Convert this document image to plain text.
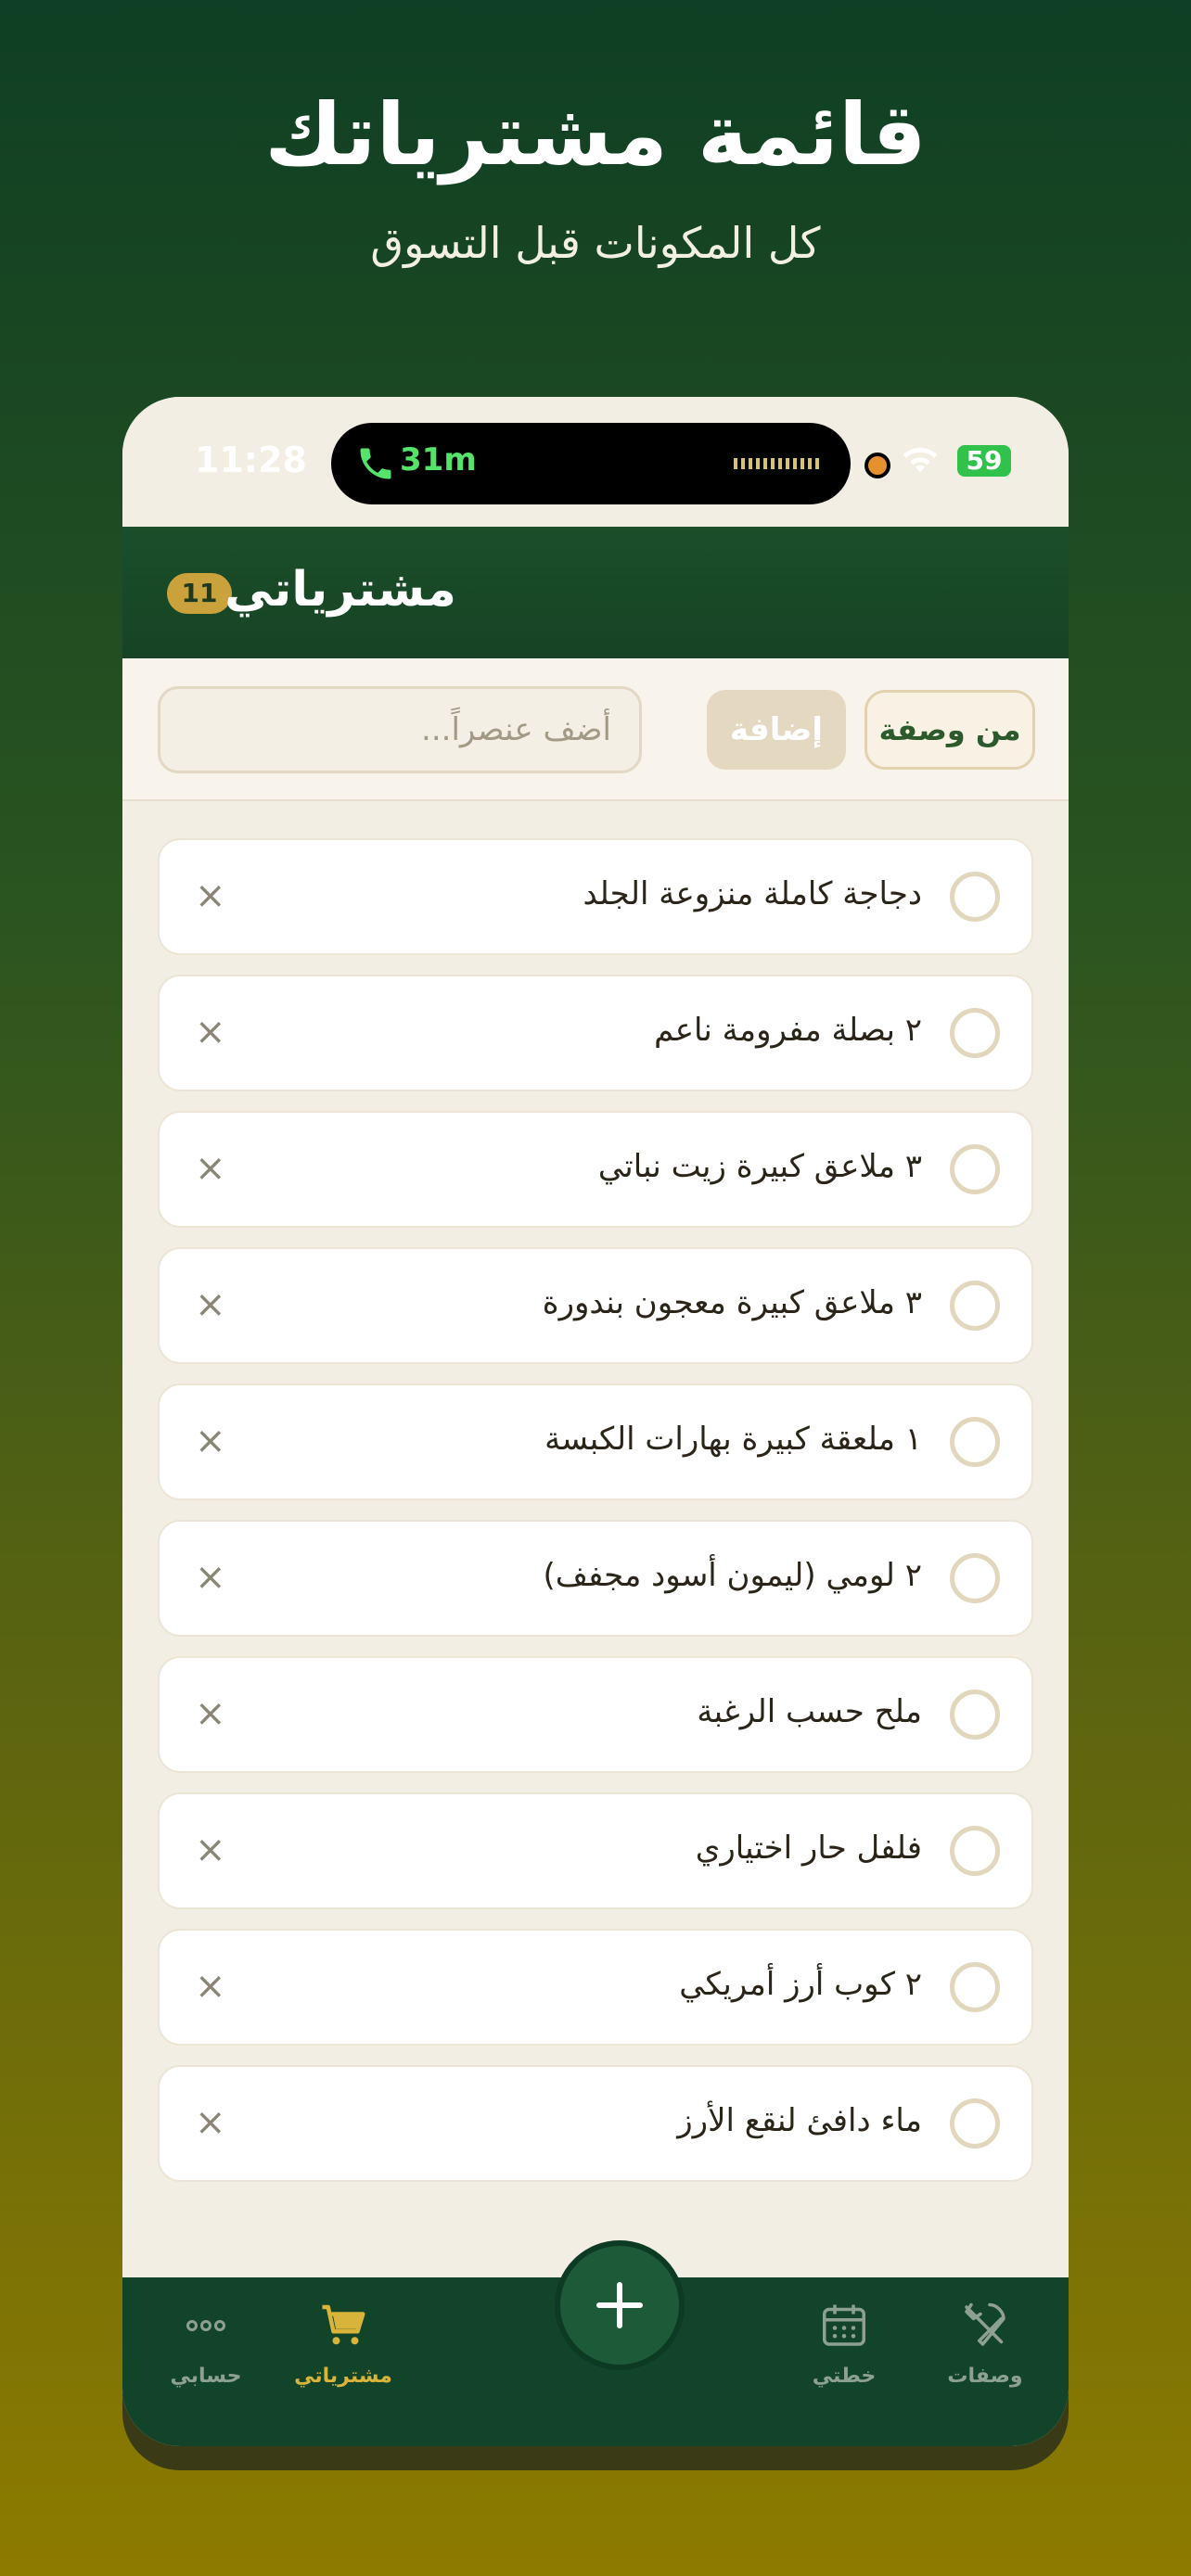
قائمة مشترياتك
كل المكونات قبل التسوق
11:28	31m	59
11 مشترياتي
أضف عنصراً...	إضافة	من وصفة
دجاجة كاملة منزوعة الجلد
×
٢ بصلة مفرومة ناعم
×
٣ ملاعق كبيرة زيت نباتي
×
٣ ملاعق كبيرة معجون بندورة
×
١ ملعقة كبيرة بهارات الكبسة
×
٢ لومي (ليمون أسود مجفف)
×
ملح حسب الرغبة
×
فلفل حار اختياري
×
٢ كوب أرز أمريكي
×
ماء دافئ لنقع الأرز
×
حسابي	مشترياتي	خطتي	وصفات
